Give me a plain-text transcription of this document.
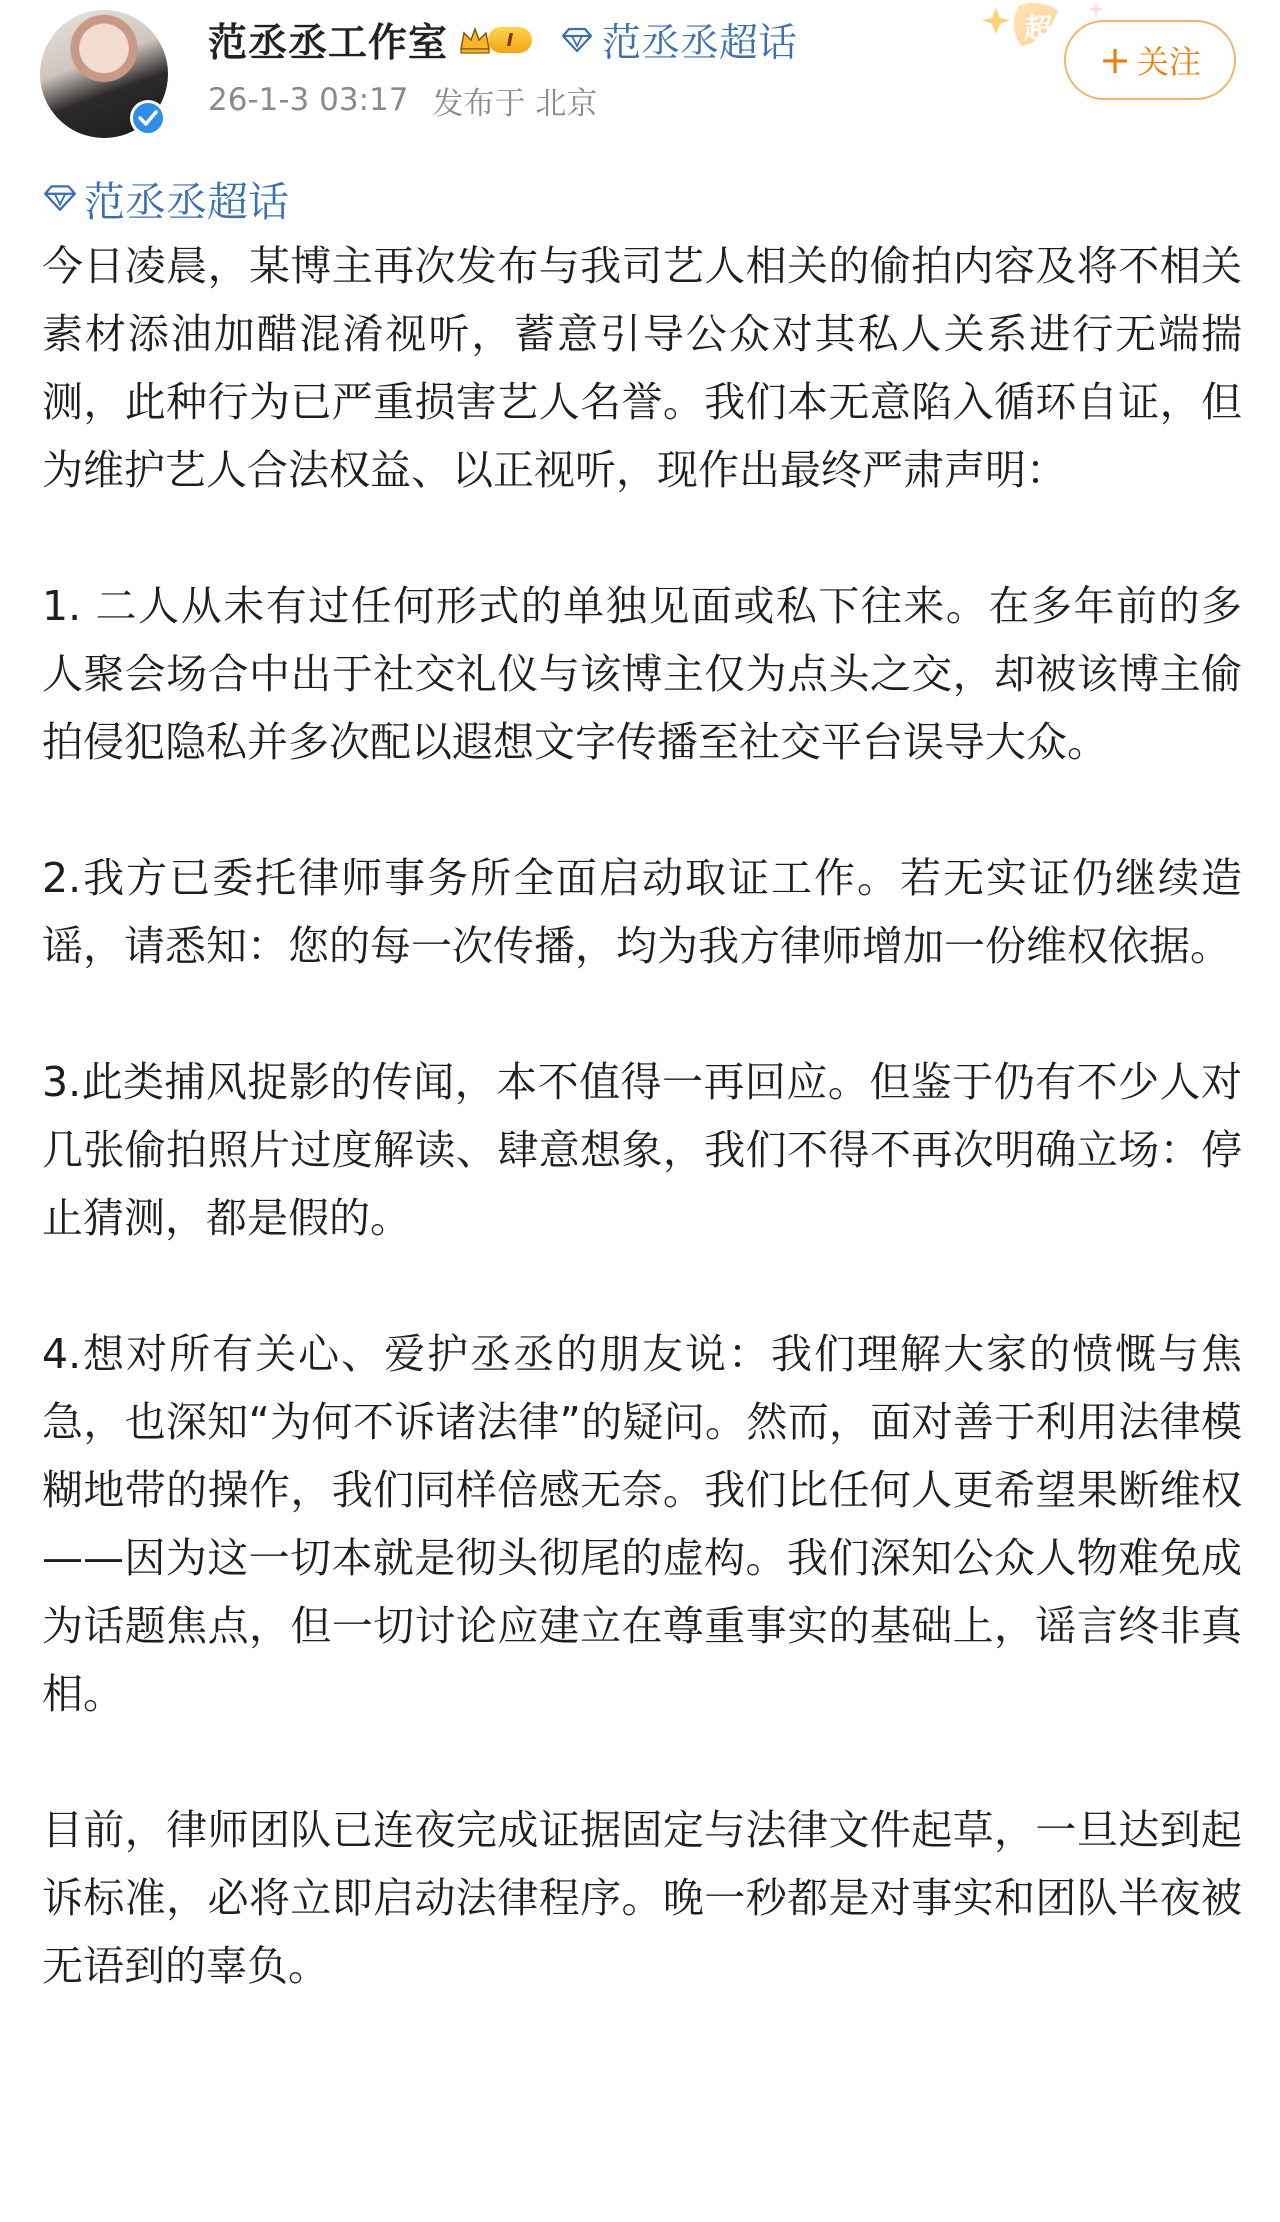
范丞丞工作室	I	范丞丞超话
26-1-3 03:17 发布于 北京
超
+ 关注
范丞丞超话

今日凌晨，某博主再次发布与我司艺人相关的偷拍内容及将不相关素材添油加醋混淆视听，蓄意引导公众对其私人关系进行无端揣测，此种行为已严重损害艺人名誉。我们本无意陷入循环自证，但为维护艺人合法权益、以正视听，现作出最终严肃声明：

1. 二人从未有过任何形式的单独见面或私下往来。在多年前的多人聚会场合中出于社交礼仪与该博主仅为点头之交，却被该博主偷拍侵犯隐私并多次配以遐想文字传播至社交平台误导大众。

2.我方已委托律师事务所全面启动取证工作。若无实证仍继续造谣，请悉知：您的每一次传播，均为我方律师增加一份维权依据。

3.此类捕风捉影的传闻，本不值得一再回应。但鉴于仍有不少人对几张偷拍照片过度解读、肆意想象，我们不得不再次明确立场：停止猜测，都是假的。

4.想对所有关心、爱护丞丞的朋友说：我们理解大家的愤慨与焦急，也深知“为何不诉诸法律”的疑问。然而，面对善于利用法律模糊地带的操作，我们同样倍感无奈。我们比任何人更希望果断维权——因为这一切本就是彻头彻尾的虚构。我们深知公众人物难免成为话题焦点，但一切讨论应建立在尊重事实的基础上，谣言终非真相。

目前，律师团队已连夜完成证据固定与法律文件起草，一旦达到起诉标准，必将立即启动法律程序。晚一秒都是对事实和团队半夜被无语到的辜负。
